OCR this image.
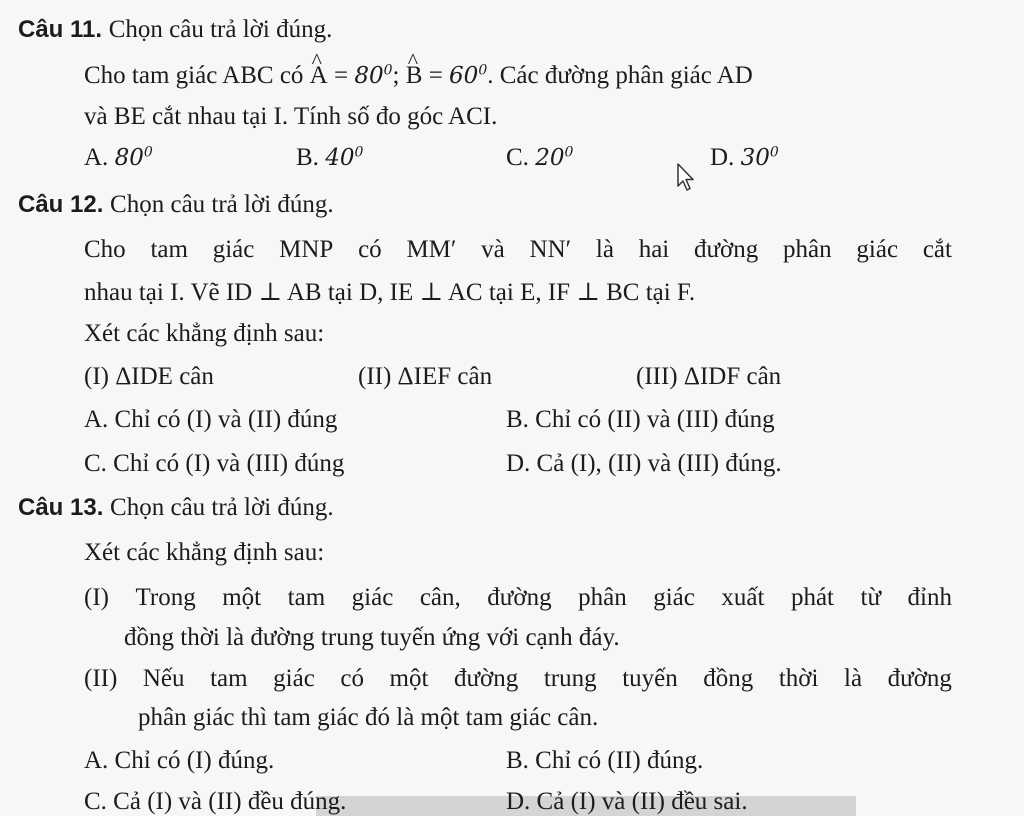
Câu 11. Chọn câu trả lời đúng.
Cho tam giác ABC có ^ $A = 80^0$; ^ $B = 60^0$. Các đường phân giác AD
và BE cắt nhau tại I. Tính số đo góc ACI.
A. $80^0$	B. $40^0$	C. $20^0$	D. $30^0$
Câu 12. Chọn câu trả lời đúng.
Cho tam giác MNP có MM′ và NN′ là hai đường phân giác cắt
nhau tại I. Vẽ ID ⊥ AB tại D, IE ⊥ AC tại E, IF ⊥ BC tại F.
Xét các khẳng định sau:
(I) ΔIDE cân	(II) ΔIEF cân	(III) ΔIDF cân
A. Chỉ có (I) và (II) đúng	B. Chỉ có (II) và (III) đúng
C. Chỉ có (I) và (III) đúng	D. Cả (I), (II) và (III) đúng.
Câu 13. Chọn câu trả lời đúng.
Xét các khẳng định sau:
(I) Trong một tam giác cân, đường phân giác xuất phát từ đỉnh
đồng thời là đường trung tuyến ứng với cạnh đáy.
(II) Nếu tam giác có một đường trung tuyến đồng thời là đường
phân giác thì tam giác đó là một tam giác cân.
A. Chỉ có (I) đúng.	B. Chỉ có (II) đúng.
C. Cả (I) và (II) đều đúng.	D. Cả (I) và (II) đều sai.
